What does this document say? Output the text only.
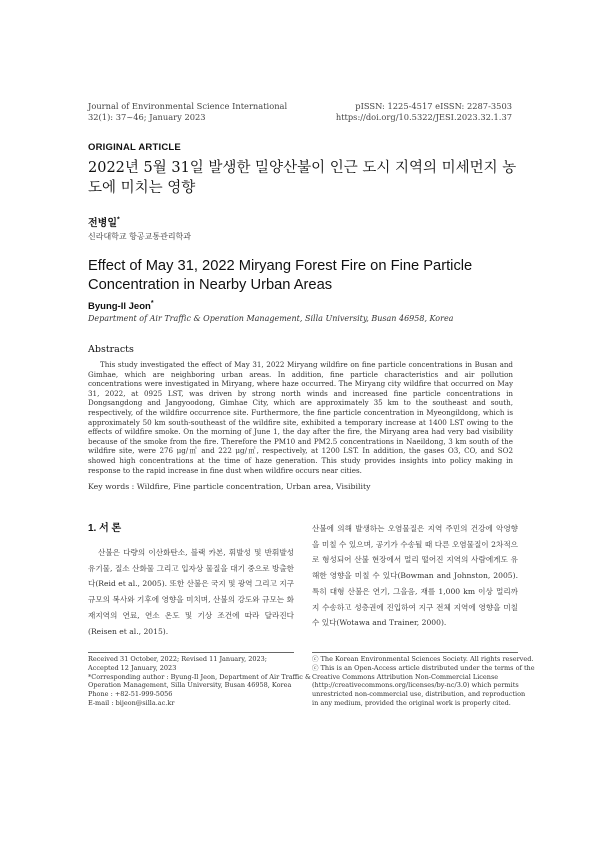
Journal of Environmental Science International
32(1): 37~46; January 2023
pISSN: 1225-4517 eISSN: 2287-3503
https://doi.org/10.5322/JESI.2023.32.1.37
ORIGINAL ARTICLE
2022년 5월 31일 발생한 밀양산불이 인근 도시 지역의 미세먼지 농도에 미치는 영향
전병일*
신라대학교 항공교통관리학과
Effect of May 31, 2022 Miryang Forest Fire on Fine Particle Concentration in Nearby Urban Areas
Byung-Il Jeon*
Department of Air Traffic & Operation Management, Silla University, Busan 46958, Korea
Abstracts
This study investigated the effect of May 31, 2022 Miryang wildfire on fine particle concentrations in Busan and Gimhae, which are neighboring urban areas. In addition, fine particle characteristics and air pollution concentrations were investigated in Miryang, where haze occurred. The Miryang city wildfire that occurred on May 31, 2022, at 0925 LST, was driven by strong north winds and increased fine particle concentrations in Dongsangdong and Jangyoodong, Gimhae City, which are approximately 35 km to the southeast and south, respectively, of the wildfire occurrence site. Furthermore, the fine particle concentration in Myeongildong, which is approximately 50 km south-southeast of the wildfire site, exhibited a temporary increase at 1400 LST owing to the effects of wildfire smoke. On the morning of June 1, the day after the fire, the Miryang area had very bad visibility because of the smoke from the fire. Therefore the PM10 and PM2.5 concentrations in Naeildong, 3 km south of the wildfire site, were 276 μg/㎥ and 222 μg/㎥, respectively, at 1200 LST. In addition, the gases O3, CO, and SO2 showed high concentrations at the time of haze generation. This study provides insights into policy making in response to the rapid increase in fine dust when wildfire occurs near cities.
Key words : Wildfire, Fine particle concentration, Urban area, Visibility
1. 서 론
산불은 다량의 이산화탄소, 블랙 카본, 휘발성 및 반휘발성 유기물, 질소 산화물 그리고 입자상 물질을 대기 중으로 방출한다(Reid et al., 2005). 또한 산불은 국지 및 광역 그리고 지구 규모의 복사와 기후에 영향을 미치며, 산불의 강도와 규모는 화재지역의 연료, 연소 온도 및 기상 조건에 따라 달라진다(Reisen et al., 2015).
산불에 의해 발생하는 오염물질은 지역 주민의 건강에 악영향을 미칠 수 있으며, 공기가 수송될 때 다른 오염물질이 2차적으로 형성되어 산불 현장에서 멀리 떨어진 지역의 사람에게도 유해한 영향을 미칠 수 있다(Bowman and Johnston, 2005). 특히 대형 산불은 연기, 그을음, 재를 1,000 km 이상 멀리까지 수송하고 성층권에 진입하여 지구 전체 지역에 영향을 미칠 수 있다(Wotawa and Trainer, 2000).
Received 31 October, 2022; Revised 11 January, 2023;
Accepted 12 January, 2023
*Corresponding author : Byung-Il Jeon, Department of Air Traffic &
Operation Management, Silla University, Busan 46958, Korea
Phone : +82-51-999-5056
E-mail : bijeon@silla.ac.kr
ⓒ The Korean Environmental Sciences Society. All rights reserved.
ⓒ This is an Open-Access article distributed under the terms of the
Creative Commons Attribution Non-Commercial License
(http://creativecommons.org/licenses/by-nc/3.0) which permits
unrestricted non-commercial use, distribution, and reproduction
in any medium, provided the original work is properly cited.
